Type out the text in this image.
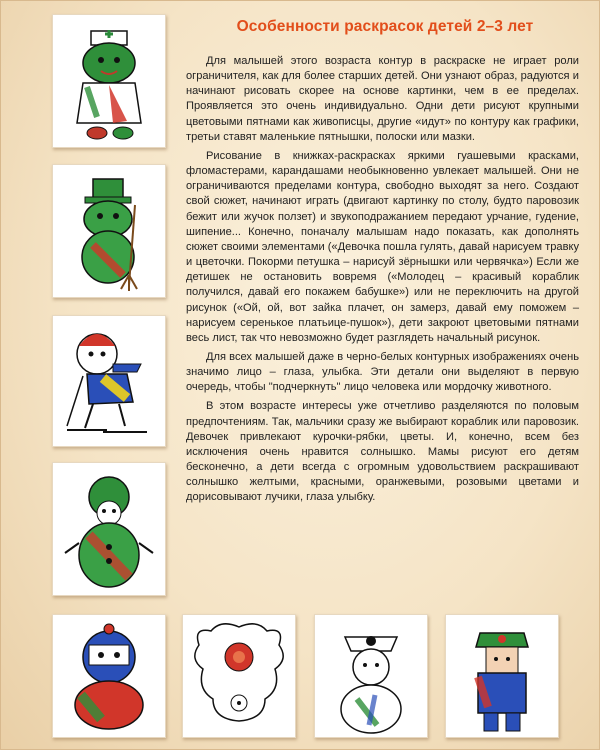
Особенности раскрасок детей 2–3 лет

Для малышей этого возраста контур в раскраске не играет роли ограничителя, как для более старших детей. Они узнают образ, радуются и начинают рисовать скорее на основе картинки, чем в ее пределах. Проявляется это очень индивидуально. Одни дети рисуют крупными цветовыми пятнами как живописцы, другие «идут» по контуру как графики, третьи ставят маленькие пятнышки, полоски или мазки.

Рисование в книжках-раскрасках яркими гуашевыми красками, фломастерами, карандашами необыкновенно увлекает малышей. Они не ограничиваются пределами контура, свободно выходят за него. Создают свой сюжет, начинают играть (двигают картинку по столу, будто паровозик бежит или жучок ползет) и звукоподражанием передают урчание, гудение, шипение... Конечно, поначалу малышам надо показать, как дополнять сюжет своими элементами («Девочка пошла гулять, давай нарисуем травку и цветочки. Покорми петушка – нарисуй зёрнышки или червячка») Если же детишек не остановить вовремя («Молодец – красивый кораблик получился, давай его покажем бабушке») или не переключить на другой рисунок («Ой, ой, вот зайка плачет, он замерз, давай ему поможем – нарисуем серенькое платьице-пушок»), дети закроют цветовыми пятнами весь лист, так что невозможно будет разглядеть начальный рисунок.

Для всех малышей даже в черно-белых контурных изображениях очень значимо лицо – глаза, улыбка. Эти детали они выделяют в первую очередь, чтобы "подчеркнуть" лицо человека или мордочку животного.

В этом возрасте интересы уже отчетливо разделяются по половым предпочтениям. Так, мальчики сразу же выбирают кораблик или паровозик. Девочек привлекают курочки-рябки, цветы. И, конечно, всем без исключения очень нравится солнышко. Мамы рисуют его детям бесконечно, а дети всегда с огромным удовольствием раскрашивают солнышко желтыми, красными, оранжевыми, розовыми цветами и дорисовывают лучики, глаза улыбку.
